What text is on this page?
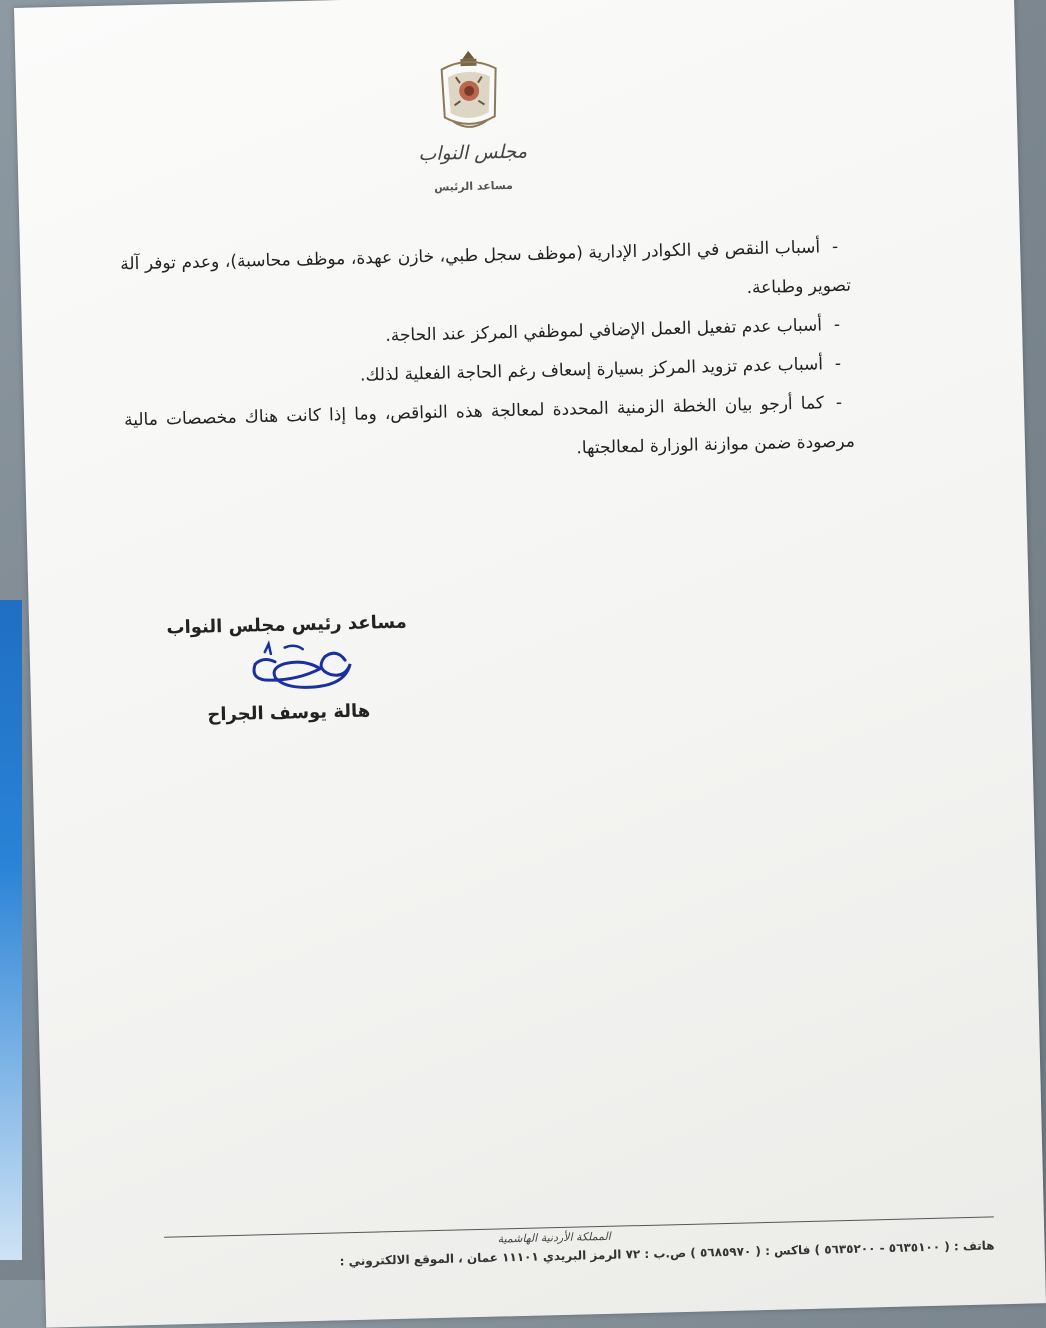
مجلس النواب
مساعد الرئيس
-أسباب النقص في الكوادر الإدارية (موظف سجل طبي، خازن عهدة، موظف محاسبة)، وعدم توفر آلة تصوير وطباعة.
-أسباب عدم تفعيل العمل الإضافي لموظفي المركز عند الحاجة.
-أسباب عدم تزويد المركز بسيارة إسعاف رغم الحاجة الفعلية لذلك.
-كما أرجو بيان الخطة الزمنية المحددة لمعالجة هذه النواقص، وما إذا كانت هناك مخصصات مالية مرصودة ضمن موازنة الوزارة لمعالجتها.
مساعد رئيس مجلس النواب
هالة يوسف الجراح
المملكة الأردنية الهاشمية
هاتف : ( ٥٦٣٥١٠٠ - ٥٦٣٥٢٠٠ ) فاكس : ( ٥٦٨٥٩٧٠ ) ص.ب : ٧٢ الرمز البريدي ١١١٠١ عمان ، الموقع الالكتروني :
